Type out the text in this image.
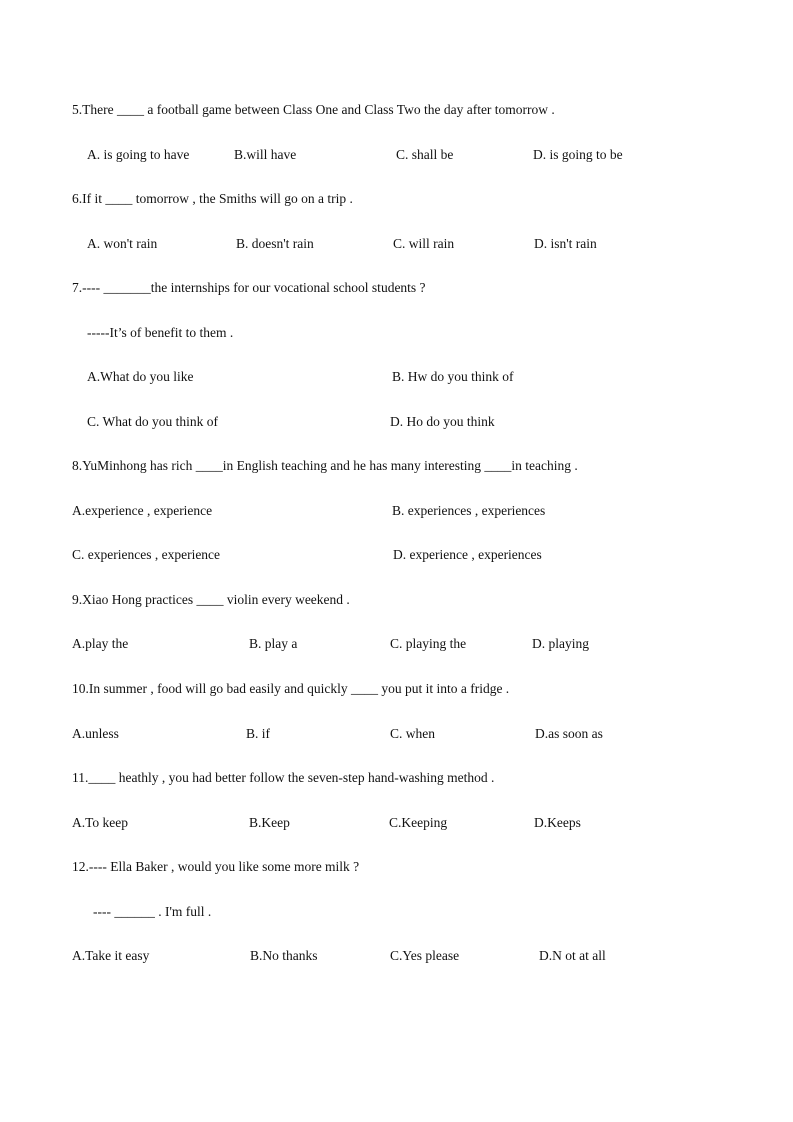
5.There ____ a football game between Class One and Class Two the day after tomorrow .
A. is going to have	B.will have	C. shall be	D. is going to be
6.If it ____ tomorrow , the Smiths will go on a trip .
A. won't rain	B. doesn't rain	C. will rain	D. isn't rain
7.---- _______the internships for our vocational school students ?
-----It’s of benefit to them .
A.What do you like	B. Hw do you think of
C. What do you think of	D. Ho do you think
8.YuMinhong has rich ____in English teaching and he has many interesting ____in teaching .
A.experience , experience	B. experiences , experiences
C. experiences , experience	D. experience , experiences
9.Xiao Hong practices ____ violin every weekend .
A.play the	B. play a	C. playing the	D. playing
10.In summer , food will go bad easily and quickly ____ you put it into a fridge .
A.unless	B. if	C. when	D.as soon as
11.____ heathly , you had better follow the seven-step hand-washing method .
A.To keep	B.Keep	C.Keeping	D.Keeps
12.---- Ella Baker , would you like some more milk ?
---- ______ . I'm full .
A.Take it easy	B.No thanks	C.Yes please	D.N ot at all
